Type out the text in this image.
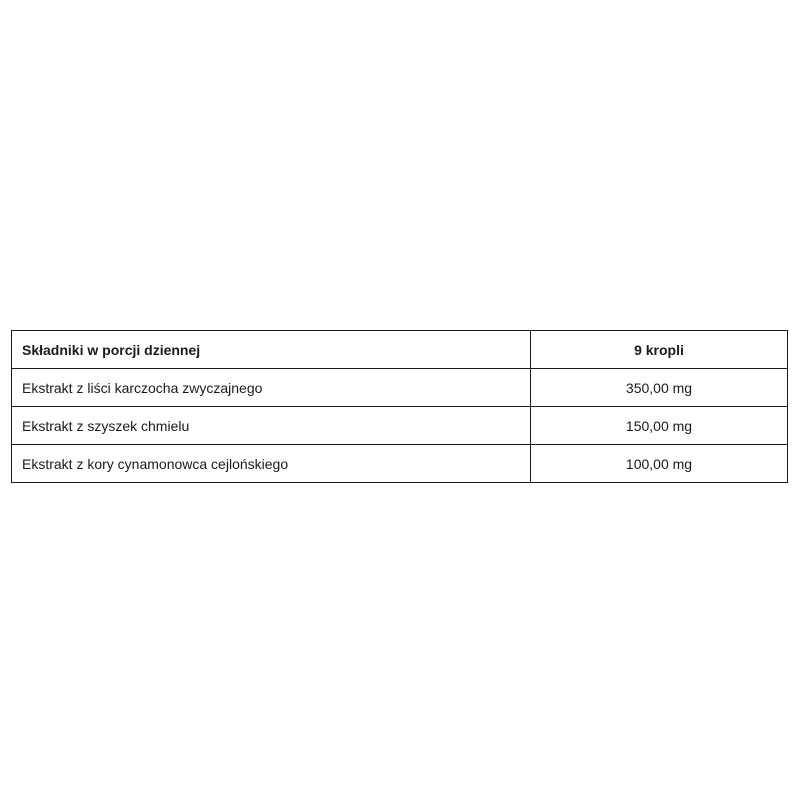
Składniki w porcji dziennej	9 kropli
Ekstrakt z liści karczocha zwyczajnego	350,00 mg
Ekstrakt z szyszek chmielu	150,00 mg
Ekstrakt z kory cynamonowca cejlońskiego	100,00 mg
